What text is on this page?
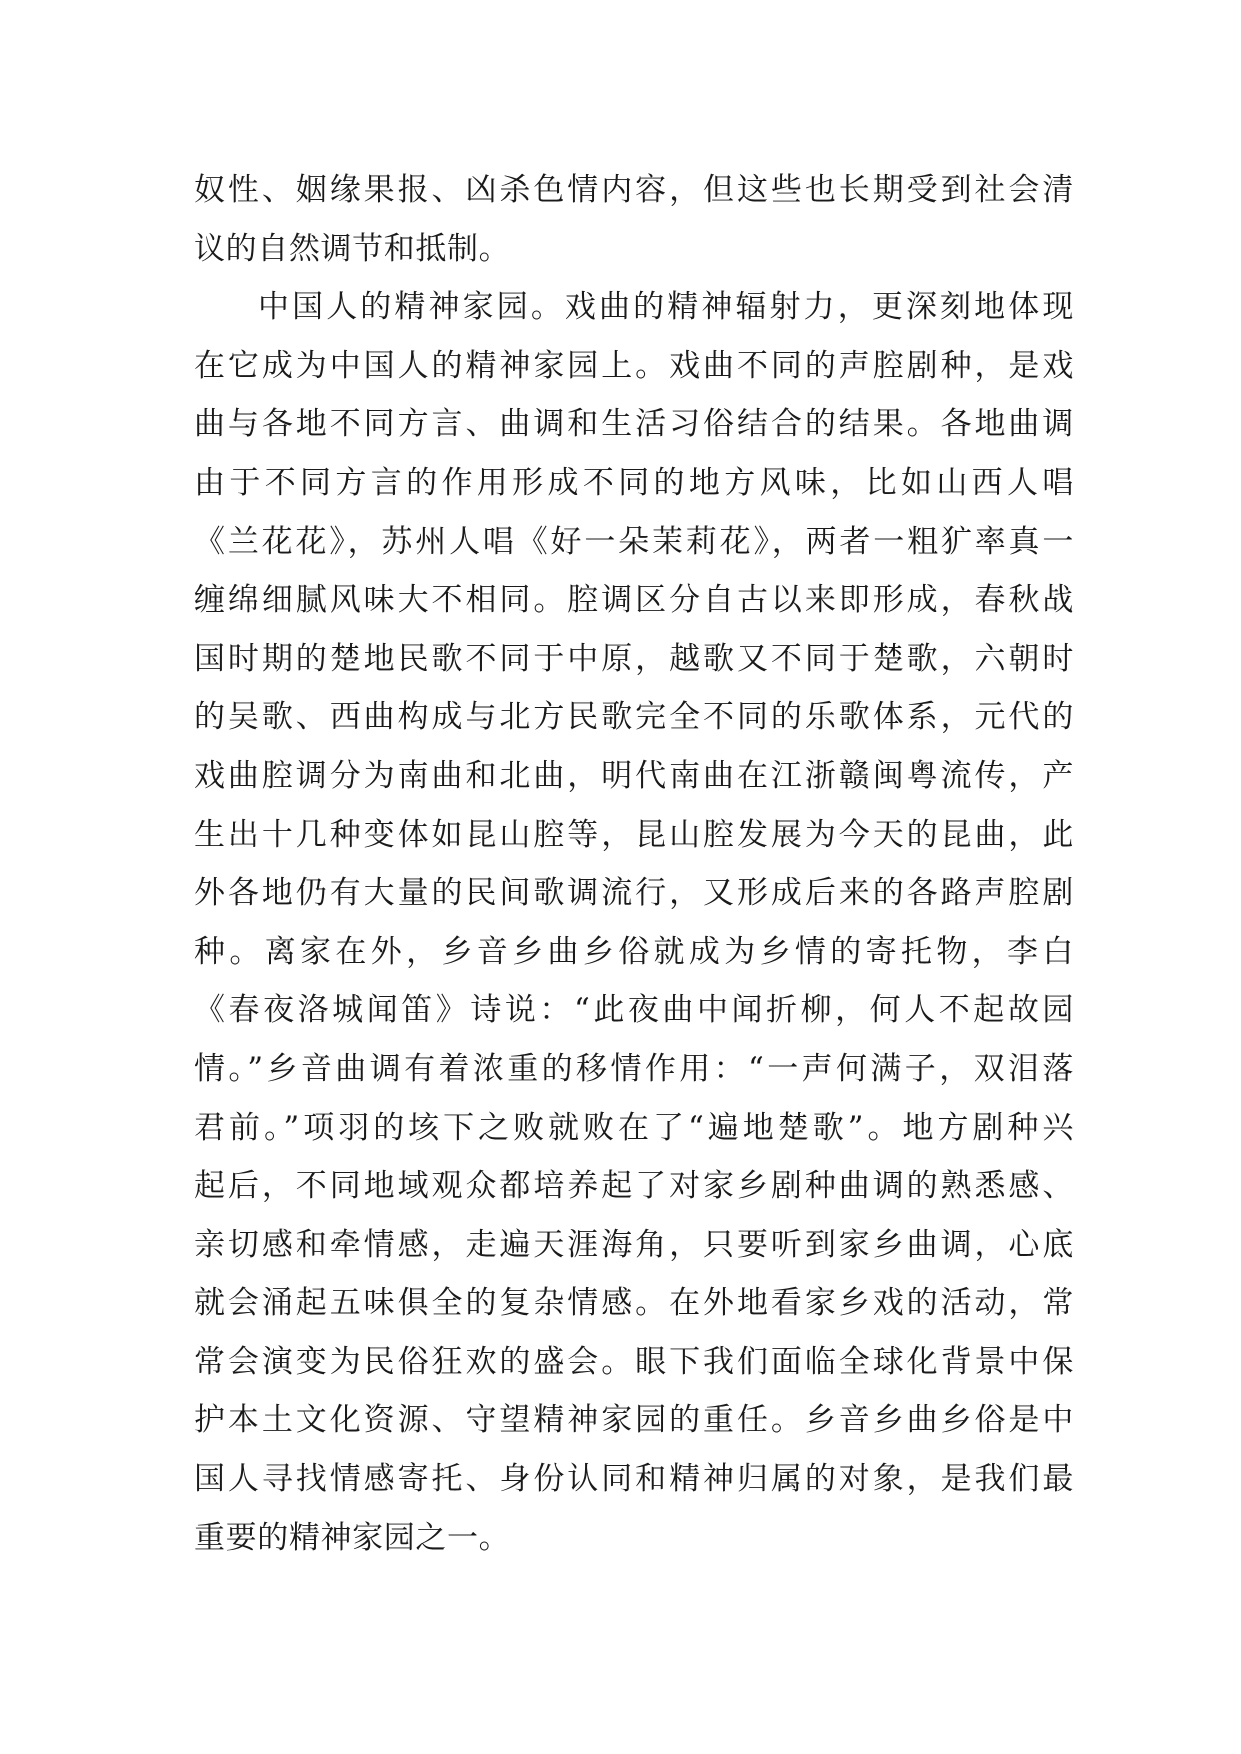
奴性、姻缘果报、凶杀色情内容，但这些也长期受到社会清
议的自然调节和抵制。
中国人的精神家园。戏曲的精神辐射力，更深刻地体现
在它成为中国人的精神家园上。戏曲不同的声腔剧种，是戏
曲与各地不同方言、曲调和生活习俗结合的结果。各地曲调
由于不同方言的作用形成不同的地方风味，比如山西人唱
《兰花花》，苏州人唱《好一朵茉莉花》，两者一粗犷率真一
缠绵细腻风味大不相同。腔调区分自古以来即形成，春秋战
国时期的楚地民歌不同于中原，越歌又不同于楚歌，六朝时
的吴歌、西曲构成与北方民歌完全不同的乐歌体系，元代的
戏曲腔调分为南曲和北曲，明代南曲在江浙赣闽粤流传，产
生出十几种变体如昆山腔等，昆山腔发展为今天的昆曲，此
外各地仍有大量的民间歌调流行，又形成后来的各路声腔剧
种。离家在外，乡音乡曲乡俗就成为乡情的寄托物，李白
《春夜洛城闻笛》诗说：“此夜曲中闻折柳，何人不起故园
情。”乡音曲调有着浓重的移情作用：“一声何满子，双泪落
君前。”项羽的垓下之败就败在了“遍地楚歌”。地方剧种兴
起后，不同地域观众都培养起了对家乡剧种曲调的熟悉感、
亲切感和牵情感，走遍天涯海角，只要听到家乡曲调，心底
就会涌起五味俱全的复杂情感。在外地看家乡戏的活动，常
常会演变为民俗狂欢的盛会。眼下我们面临全球化背景中保
护本土文化资源、守望精神家园的重任。乡音乡曲乡俗是中
国人寻找情感寄托、身份认同和精神归属的对象，是我们最
重要的精神家园之一。
